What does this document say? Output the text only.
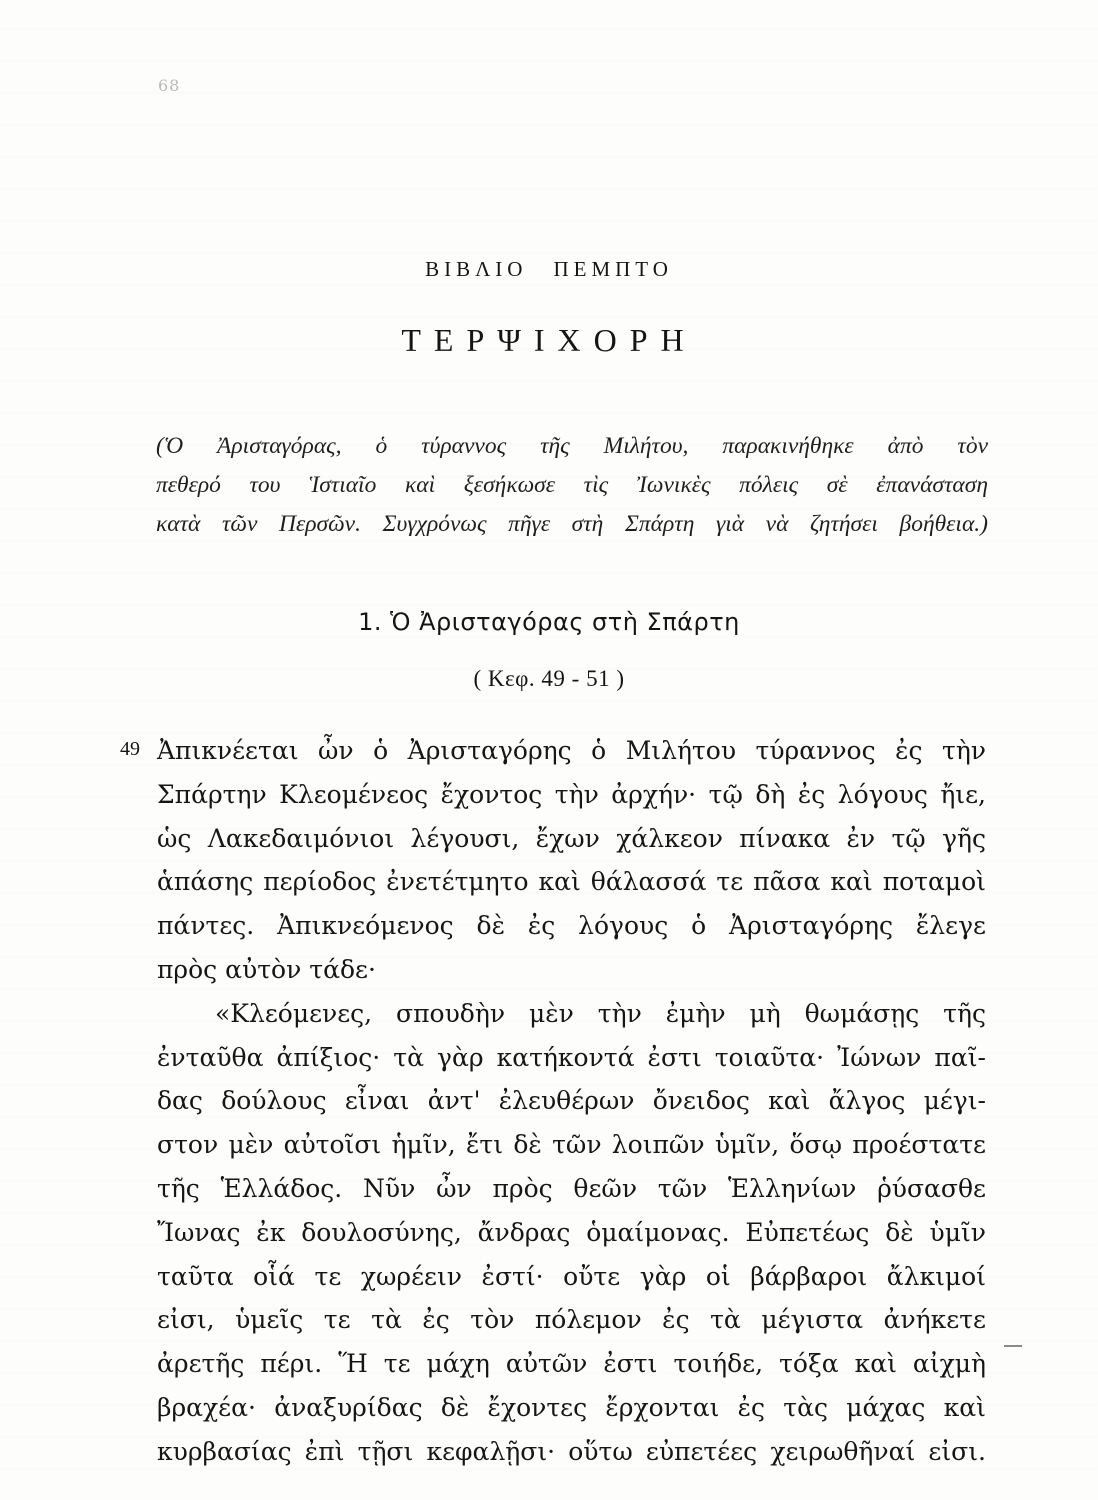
68
ΒΙΒΛΙΟ ΠΕΜΠΤΟ
ΤΕΡΨΙΧΟΡΗ
(Ὁ Ἀρισταγόρας, ὁ τύραννος τῆς Μιλήτου, παρακινήθηκε ἀπὸ τὸν
πεθερό του Ἱστιαῖο καὶ ξεσήκωσε τὶς Ἰωνικὲς πόλεις σὲ ἐπανάσταση
κατὰ τῶν Περσῶν. Συγχρόνως πῆγε στὴ Σπάρτη γιὰ νὰ ζητήσει βοήθεια.)
1. Ὁ Ἀρισταγόρας στὴ Σπάρτη
( Κεφ. 49 - 51 )
49 Ἀπικνέεται ὦν ὁ Ἀρισταγόρης ὁ Μιλήτου τύραννος ἐς τὴν
Σπάρτην Κλεομένεος ἔχοντος τὴν ἀρχήν· τῷ δὴ ἐς λόγους ἤιε,
ὡς Λακεδαιμόνιοι λέγουσι, ἔχων χάλκεον πίνακα ἐν τῷ γῆς
ἁπάσης περίοδος ἐνετέτμητο καὶ θάλασσά τε πᾶσα καὶ ποταμοὶ
πάντες. Ἀπικνεόμενος δὲ ἐς λόγους ὁ Ἀρισταγόρης ἔλεγε
πρὸς αὐτὸν τάδε·
«Κλεόμενες, σπουδὴν μὲν τὴν ἐμὴν μὴ θωμάσῃς τῆς
ἐνταῦθα ἀπίξιος· τὰ γὰρ κατήκοντά ἐστι τοιαῦτα· Ἰώνων παῖ-
δας δούλους εἶναι ἀντ' ἐλευθέρων ὄνειδος καὶ ἄλγος μέγι-
στον μὲν αὐτοῖσι ἡμῖν, ἔτι δὲ τῶν λοιπῶν ὑμῖν, ὅσῳ προέστατε
τῆς Ἑλλάδος. Νῦν ὦν πρὸς θεῶν τῶν Ἑλληνίων ῥύσασθε
Ἴωνας ἐκ δουλοσύνης, ἄνδρας ὁμαίμονας. Εὐπετέως δὲ ὑμῖν
ταῦτα οἷά τε χωρέειν ἐστί· οὔτε γὰρ οἱ βάρβαροι ἄλκιμοί
εἰσι, ὑμεῖς τε τὰ ἐς τὸν πόλεμον ἐς τὰ μέγιστα ἀνήκετε
ἀρετῆς πέρι. Ἥ τε μάχη αὐτῶν ἐστι τοιήδε, τόξα καὶ αἰχμὴ
βραχέα· ἀναξυρίδας δὲ ἔχοντες ἔρχονται ἐς τὰς μάχας καὶ
κυρβασίας ἐπὶ τῇσι κεφαλῇσι· οὕτω εὐπετέες χειρωθῆναί εἰσι.
